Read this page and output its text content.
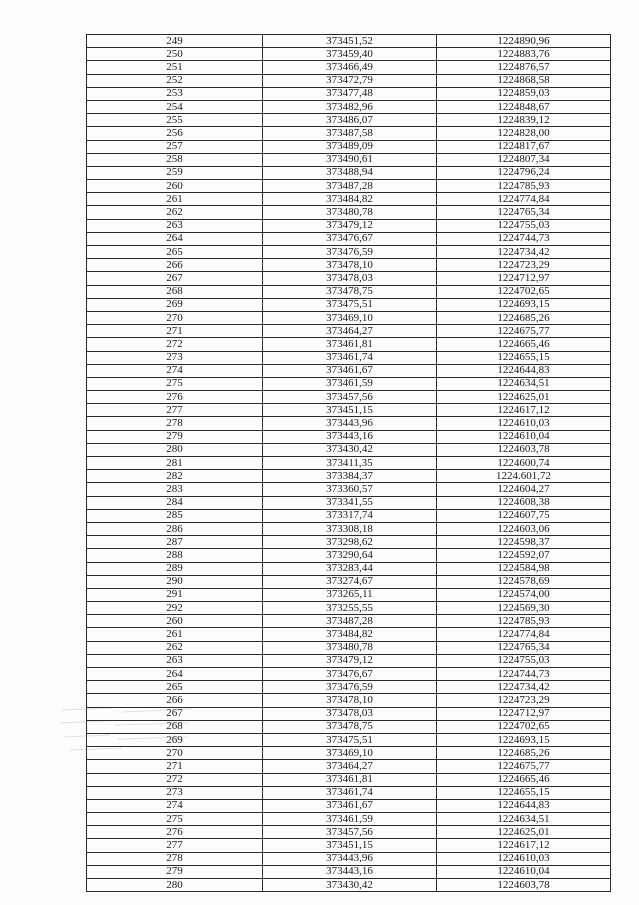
249	373451,52	1224890,96
250	373459,40	1224883,76
251	373466,49	1224876,57
252	373472,79	1224868,58
253	373477,48	1224859,03
254	373482,96	1224848,67
255	373486,07	1224839,12
256	373487,58	1224828,00
257	373489,09	1224817,67
258	373490,61	1224807,34
259	373488,94	1224796,24
260	373487,28	1224785,93
261	373484,82	1224774,84
262	373480,78	1224765,34
263	373479,12	1224755,03
264	373476,67	1224744,73
265	373476,59	1224734,42
266	373478,10	1224723,29
267	373478,03	1224712,97
268	373478,75	1224702,65
269	373475,51	1224693,15
270	373469,10	1224685,26
271	373464,27	1224675,77
272	373461,81	1224665,46
273	373461,74	1224655,15
274	373461,67	1224644,83
275	373461,59	1224634,51
276	373457,56	1224625,01
277	373451,15	1224617,12
278	373443,96	1224610,03
279	373443,16	1224610,04
280	373430,42	1224603,78
281	373411,35	1224600,74
282	373384,37	1224.601,72
283	373360,57	1224604,27
284	373341,55	1224608,38
285	373317,74	1224607,75
286	373308,18	1224603,06
287	373298,62	1224598,37
288	373290,64	1224592,07
289	373283,44	1224584,98
290	373274,67	1224578,69
291	373265,11	1224574,00
292	373255,55	1224569,30
260	373487,28	1224785,93
261	373484,82	1224774,84
262	373480,78	1224765,34
263	373479,12	1224755,03
264	373476,67	1224744,73
265	373476,59	1224734,42
266	373478,10	1224723,29
267	373478,03	1224712,97
268	373478,75	1224702,65
269	373475,51	1224693,15
270	373469,10	1224685,26
271	373464,27	1224675,77
272	373461,81	1224665,46
273	373461,74	1224655,15
274	373461,67	1224644,83
275	373461,59	1224634,51
276	373457,56	1224625,01
277	373451,15	1224617,12
278	373443,96	1224610,03
279	373443,16	1224610,04
280	373430,42	1224603,78
